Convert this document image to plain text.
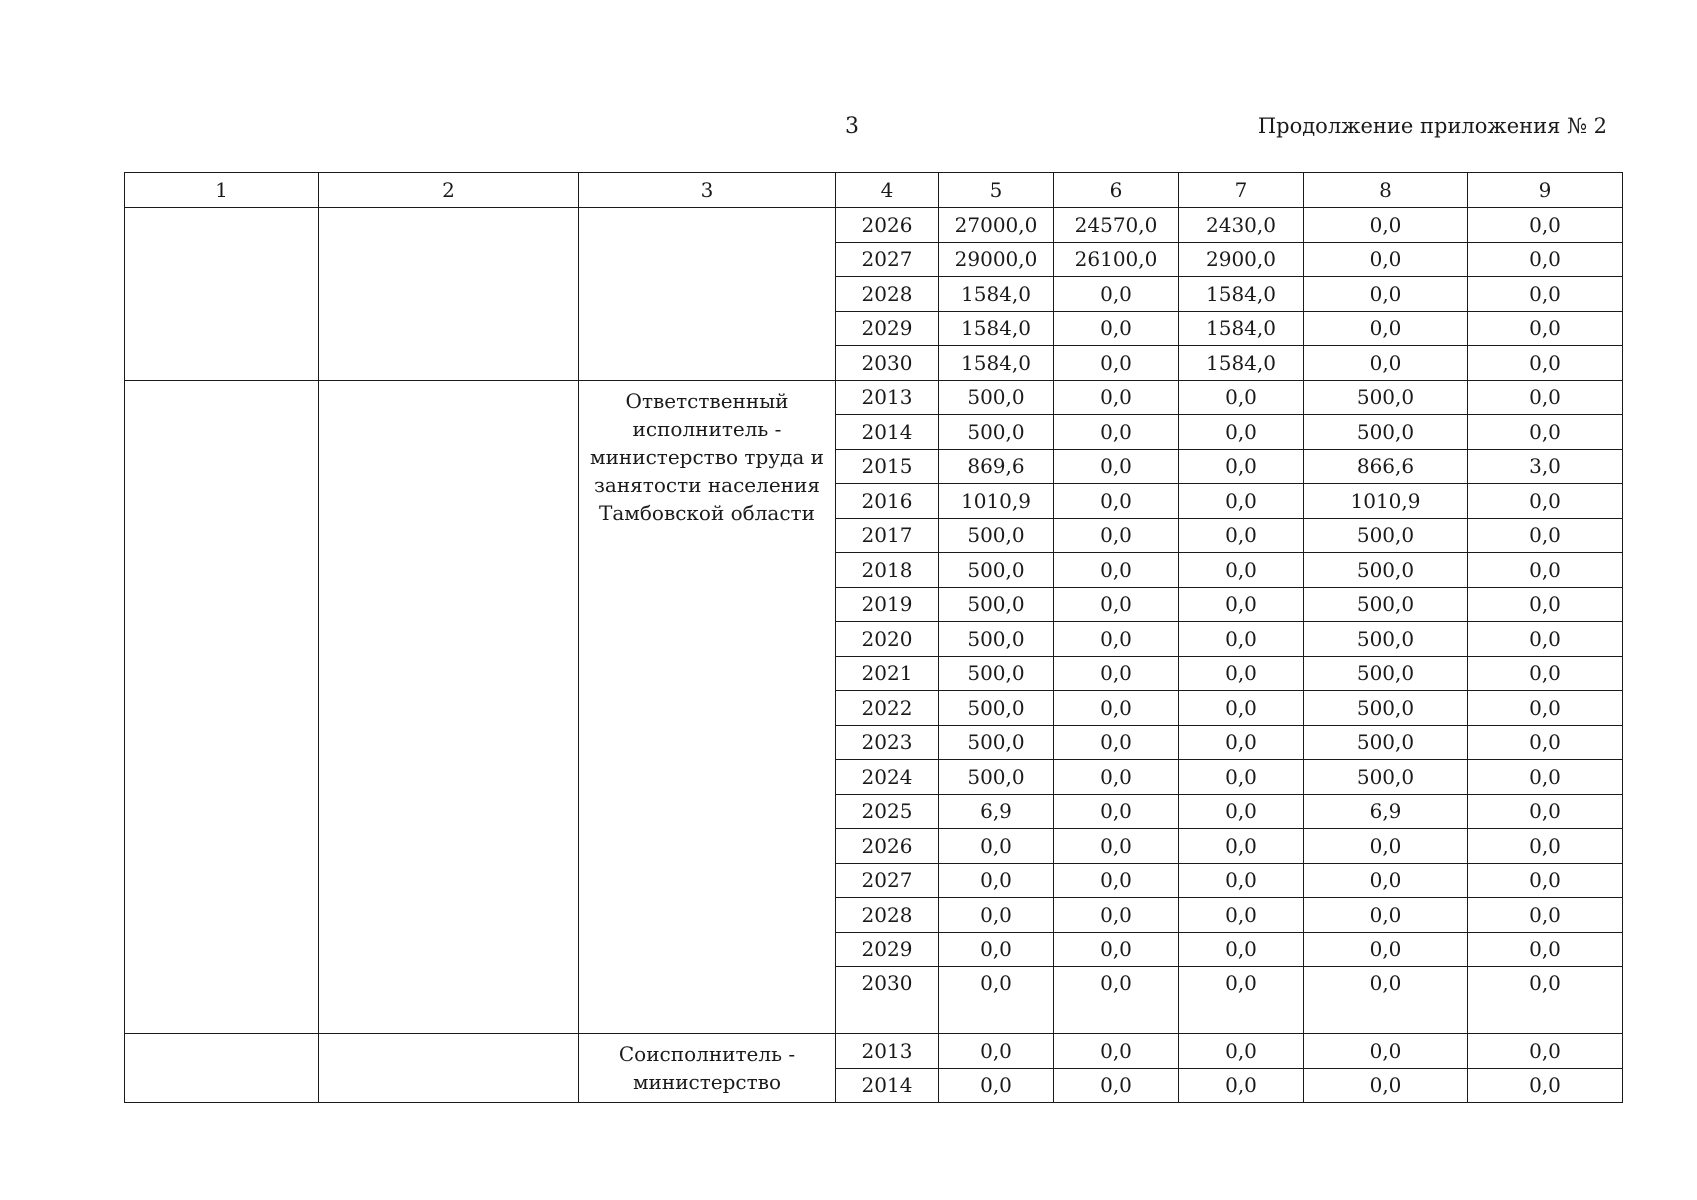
3	Продолжение приложения № 2
1	2	3	4	5	6	7	8	9
			2026	27000,0	24570,0	2430,0	0,0	0,0
			2027	29000,0	26100,0	2900,0	0,0	0,0
			2028	1584,0	0,0	1584,0	0,0	0,0
			2029	1584,0	0,0	1584,0	0,0	0,0
			2030	1584,0	0,0	1584,0	0,0	0,0
		Ответственный исполнитель - министерство труда и занятости населения Тамбовской области	2013	500,0	0,0	0,0	500,0	0,0
			2014	500,0	0,0	0,0	500,0	0,0
			2015	869,6	0,0	0,0	866,6	3,0
			2016	1010,9	0,0	0,0	1010,9	0,0
			2017	500,0	0,0	0,0	500,0	0,0
			2018	500,0	0,0	0,0	500,0	0,0
			2019	500,0	0,0	0,0	500,0	0,0
			2020	500,0	0,0	0,0	500,0	0,0
			2021	500,0	0,0	0,0	500,0	0,0
			2022	500,0	0,0	0,0	500,0	0,0
			2023	500,0	0,0	0,0	500,0	0,0
			2024	500,0	0,0	0,0	500,0	0,0
			2025	6,9	0,0	0,0	6,9	0,0
			2026	0,0	0,0	0,0	0,0	0,0
			2027	0,0	0,0	0,0	0,0	0,0
			2028	0,0	0,0	0,0	0,0	0,0
			2029	0,0	0,0	0,0	0,0	0,0
			2030	0,0	0,0	0,0	0,0	0,0
		Соисполнитель - министерство	2013	0,0	0,0	0,0	0,0	0,0
			2014	0,0	0,0	0,0	0,0	0,0
